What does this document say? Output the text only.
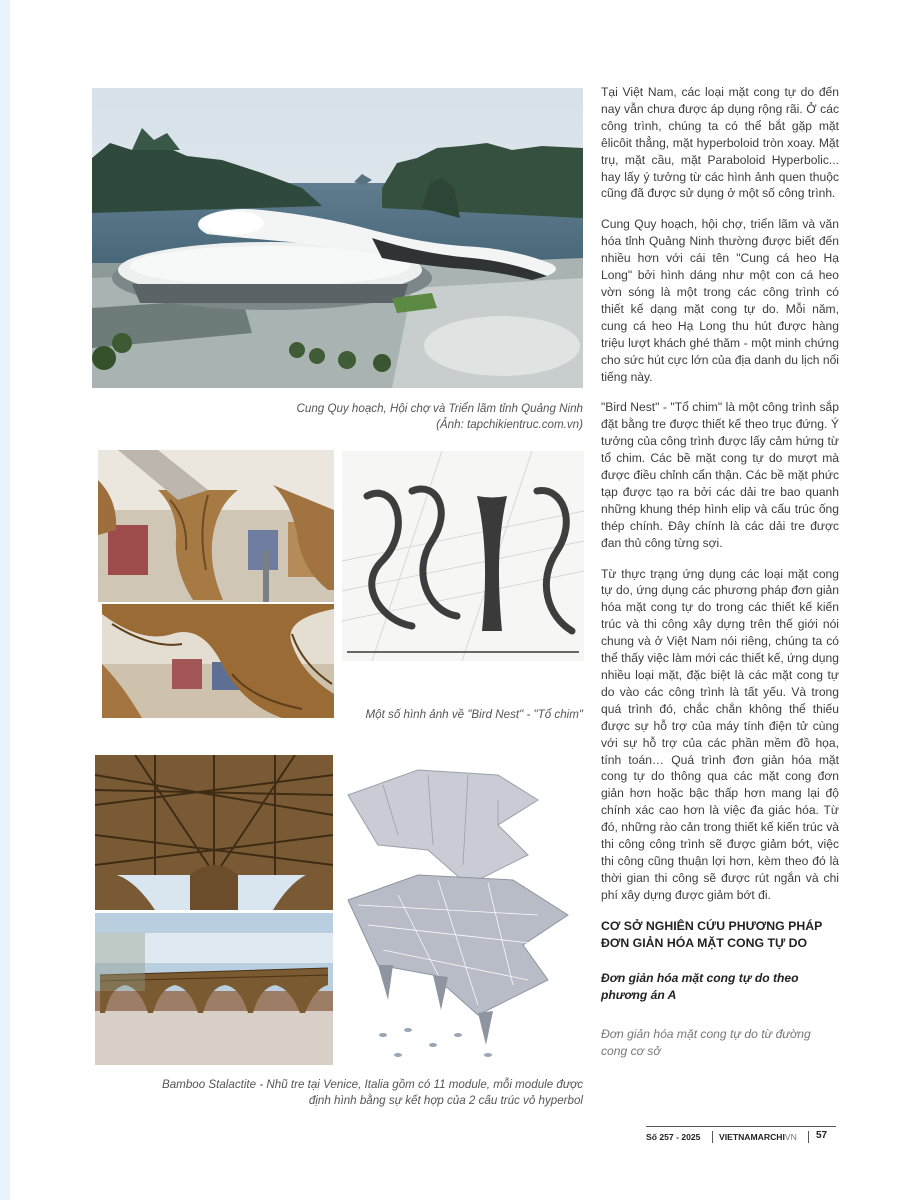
Cung Quy hoạch, Hội chợ và Triển lãm tỉnh Quảng Ninh
(Ảnh: tapchikientruc.com.vn)
Một số hình ảnh về "Bird Nest" - "Tổ chim"
Bamboo Stalactite - Nhũ tre tại Venice, Italia gồm có 11 module, mỗi module được
định hình bằng sự kết hợp của 2 cấu trúc vỏ hyperbol

Tại Việt Nam, các loại mặt cong tự do đến nay vẫn chưa được áp dụng rộng rãi. Ở các công trình, chúng ta có thể bắt gặp mặt êlicôit thẳng, mặt hyperboloid tròn xoay. Mặt trụ, mặt cầu, mặt Paraboloid Hyperbolic... hay lấy ý tưởng từ các hình ảnh quen thuộc cũng đã được sử dụng ở một số công trình.

Cung Quy hoạch, hội chợ, triển lãm và văn hóa tỉnh Quảng Ninh thường được biết đến nhiều hơn với cái tên "Cung cá heo Hạ Long" bởi hình dáng như một con cá heo vờn sóng là một trong các công trình có thiết kế dạng mặt cong tự do. Mỗi năm, cung cá heo Hạ Long thu hút được hàng triệu lượt khách ghé thăm - một minh chứng cho sức hút cực lớn của địa danh du lịch nổi tiếng này.

"Bird Nest" - "Tổ chim" là một công trình sắp đặt bằng tre được thiết kế theo trục đứng. Ý tưởng của công trình được lấy cảm hứng từ tổ chim. Các bề mặt cong tự do mượt mà được điều chỉnh cẩn thận. Các bề mặt phức tạp được tạo ra bởi các dải tre bao quanh những khung thép hình elip và cấu trúc ống thép chính. Đây chính là các dải tre được đan thủ công từng sợi.

Từ thực trạng ứng dụng các loại mặt cong tự do, ứng dụng các phương pháp đơn giản hóa mặt cong tự do trong các thiết kế kiến trúc và thi công xây dựng trên thế giới nói chung và ở Việt Nam nói riêng, chúng ta có thể thấy việc làm mới các thiết kế, ứng dụng nhiều loại mặt, đặc biệt là các mặt cong tự do vào các công trình là tất yếu. Và trong quá trình đó, chắc chắn không thể thiếu được sự hỗ trợ của máy tính điện tử cùng với sự hỗ trợ của các phần mềm đồ họa, tính toán… Quá trình đơn giản hóa mặt cong tự do thông qua các mặt cong đơn giản hơn hoặc bậc thấp hơn mang lại độ chính xác cao hơn là việc đa giác hóa. Từ đó, những rào cản trong thiết kế kiến trúc và thi công công trình sẽ được giảm bớt, việc thi công cũng thuận lợi hơn, kèm theo đó là thời gian thi công sẽ được rút ngắn và chi phí xây dựng được giảm bớt đi.

CƠ SỞ NGHIÊN CỨU PHƯƠNG PHÁP ĐƠN GIẢN HÓA MẶT CONG TỰ DO
Đơn giản hóa mặt cong tự do theo phương án A
Đơn giản hóa mặt cong tự do từ đường cong cơ sở
Số 257 - 2025 VIETNAMARCHIVN 57
